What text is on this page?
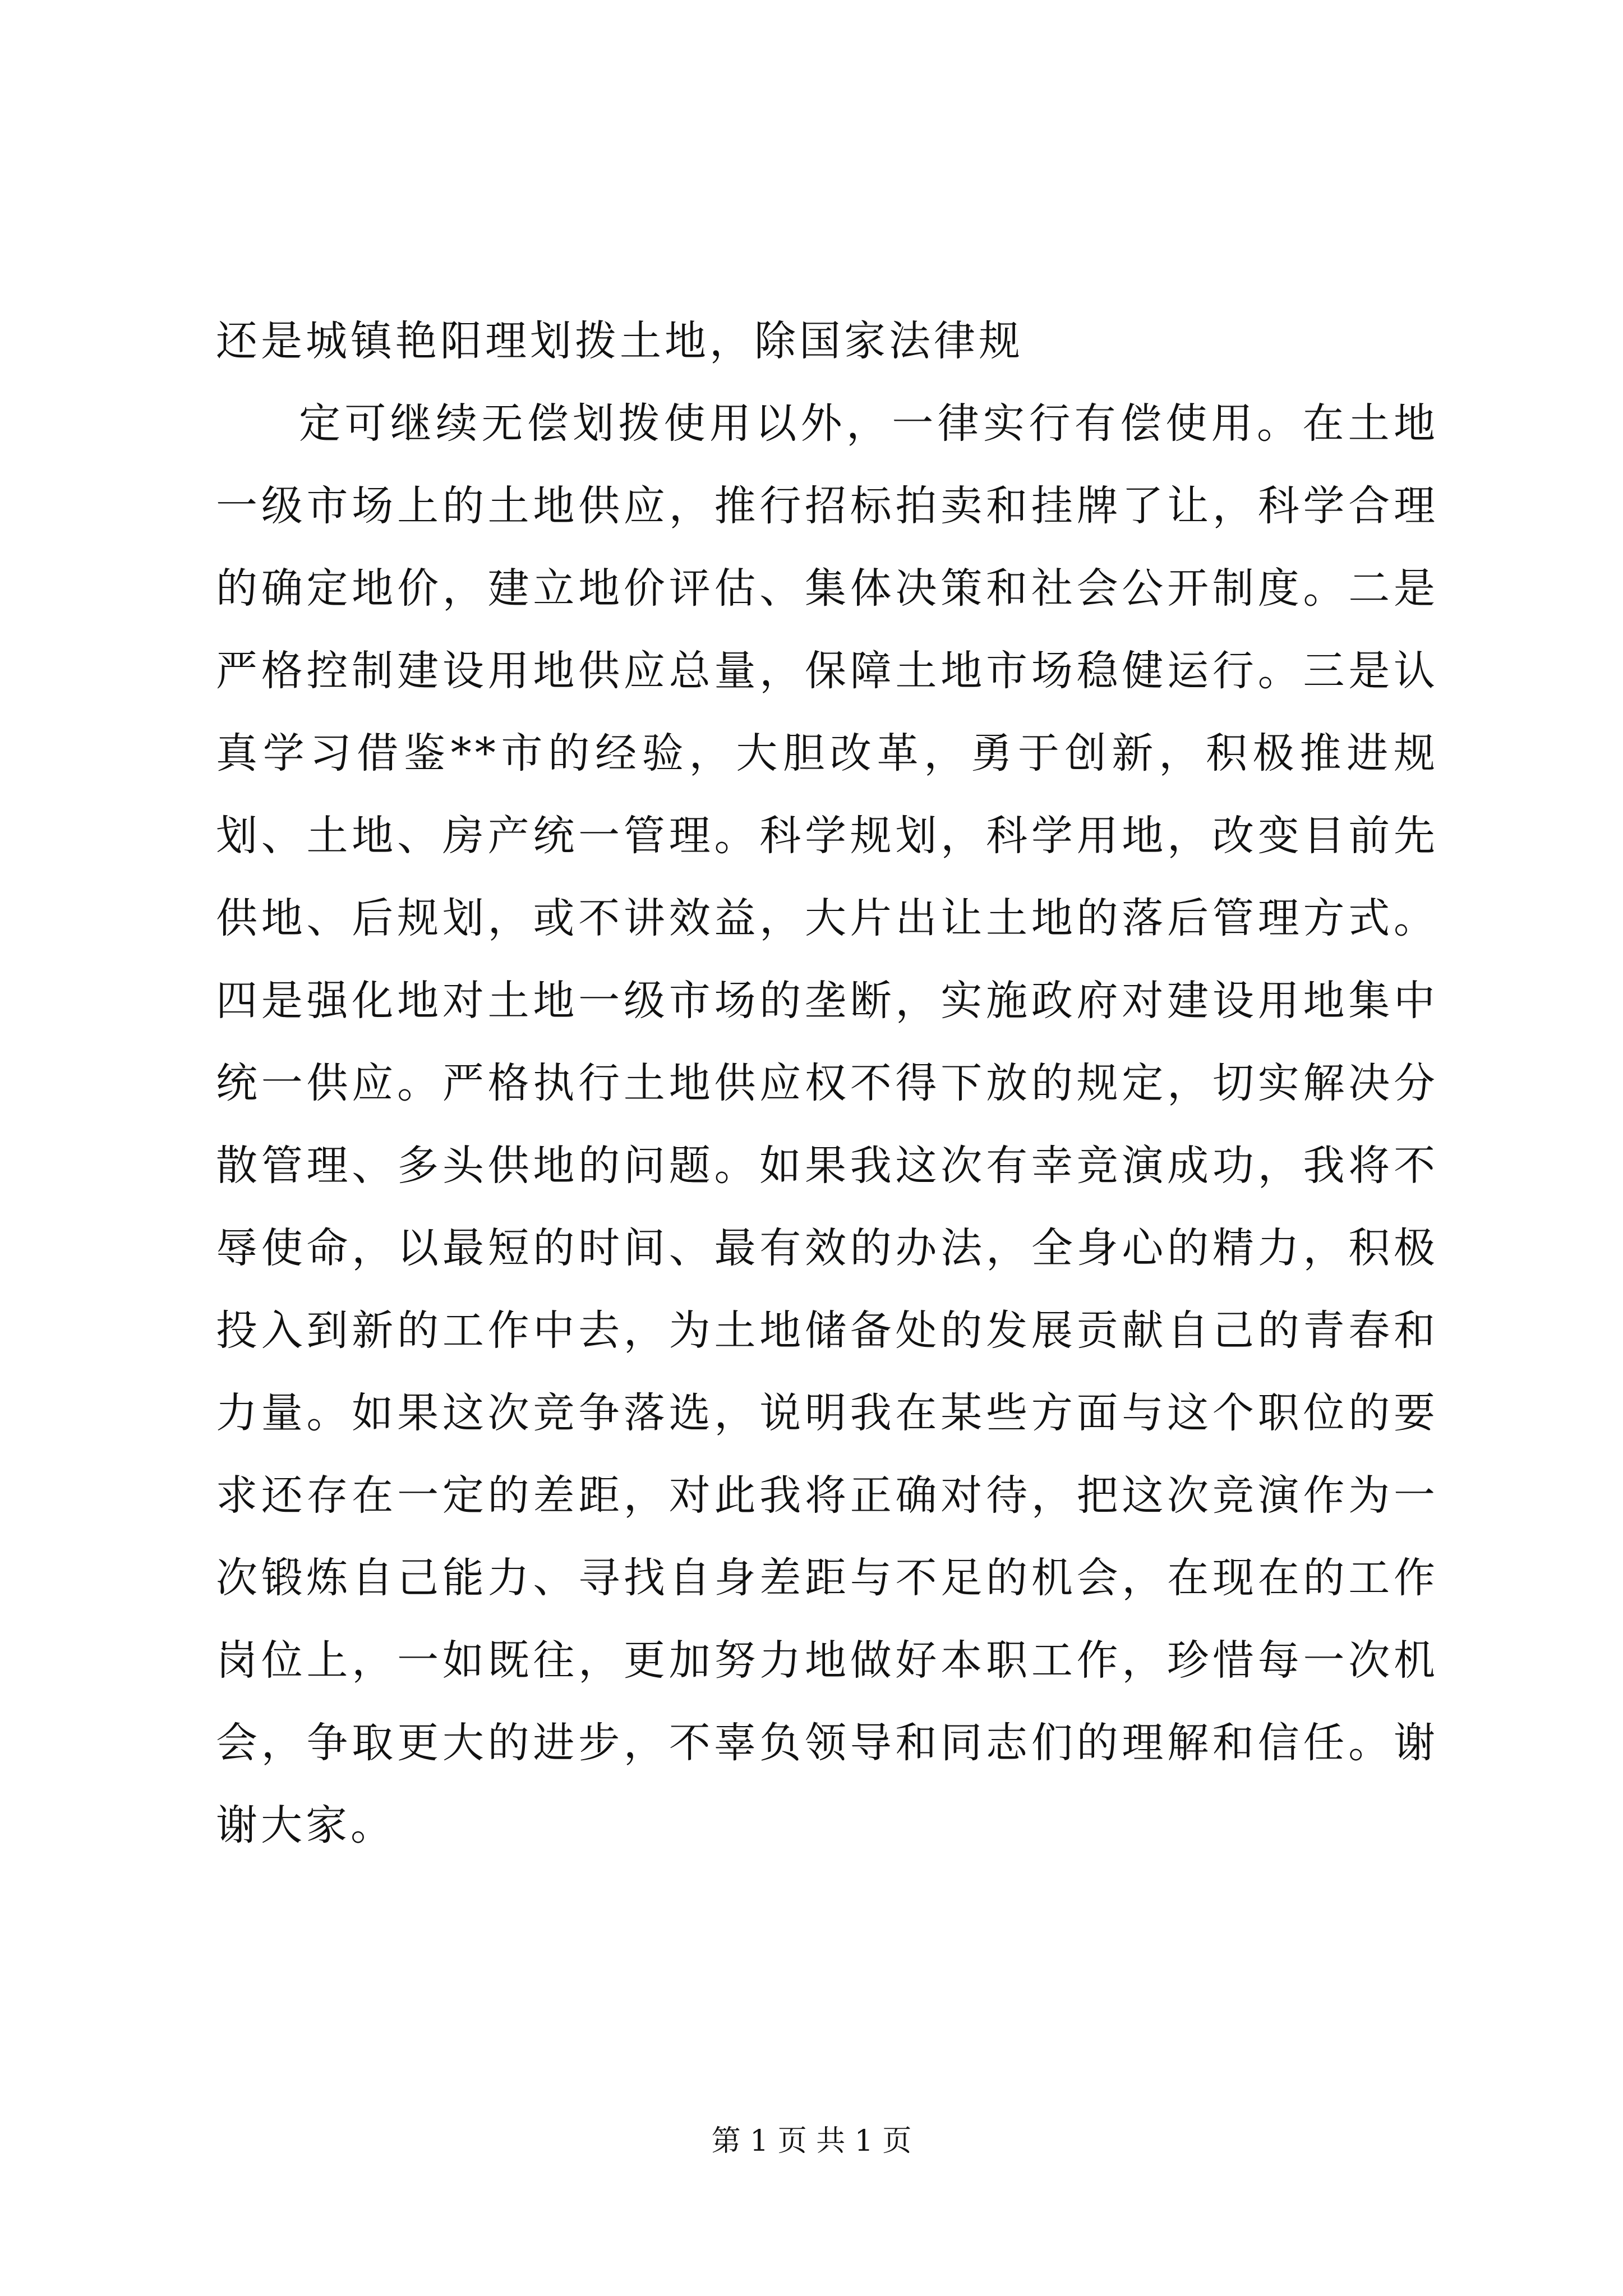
还是城镇艳阳理划拨土地，除国家法律规

定可继续无偿划拨使用以外，一律实行有偿使用。在土地一级市场上的土地供应，推行招标拍卖和挂牌了让，科学合理的确定地价，建立地价评估、集体决策和社会公开制度。二是严格控制建设用地供应总量，保障土地市场稳健运行。三是认真学习借鉴**市的经验，大胆改革，勇于创新，积极推进规划、土地、房产统一管理。科学规划，科学用地，改变目前先供地、后规划，或不讲效益，大片出让土地的落后管理方式。四是强化地对土地一级市场的垄断，实施政府对建设用地集中统一供应。严格执行土地供应权不得下放的规定，切实解决分散管理、多头供地的问题。如果我这次有幸竞演成功，我将不辱使命，以最短的时间、最有效的办法，全身心的精力，积极投入到新的工作中去，为土地储备处的发展贡献自己的青春和力量。如果这次竞争落选，说明我在某些方面与这个职位的要求还存在一定的差距，对此我将正确对待，把这次竞演作为一次锻炼自己能力、寻找自身差距与不足的机会，在现在的工作岗位上，一如既往，更加努力地做好本职工作，珍惜每一次机会，争取更大的进步，不辜负领导和同志们的理解和信任。谢谢大家。

第 1 页 共 1 页
